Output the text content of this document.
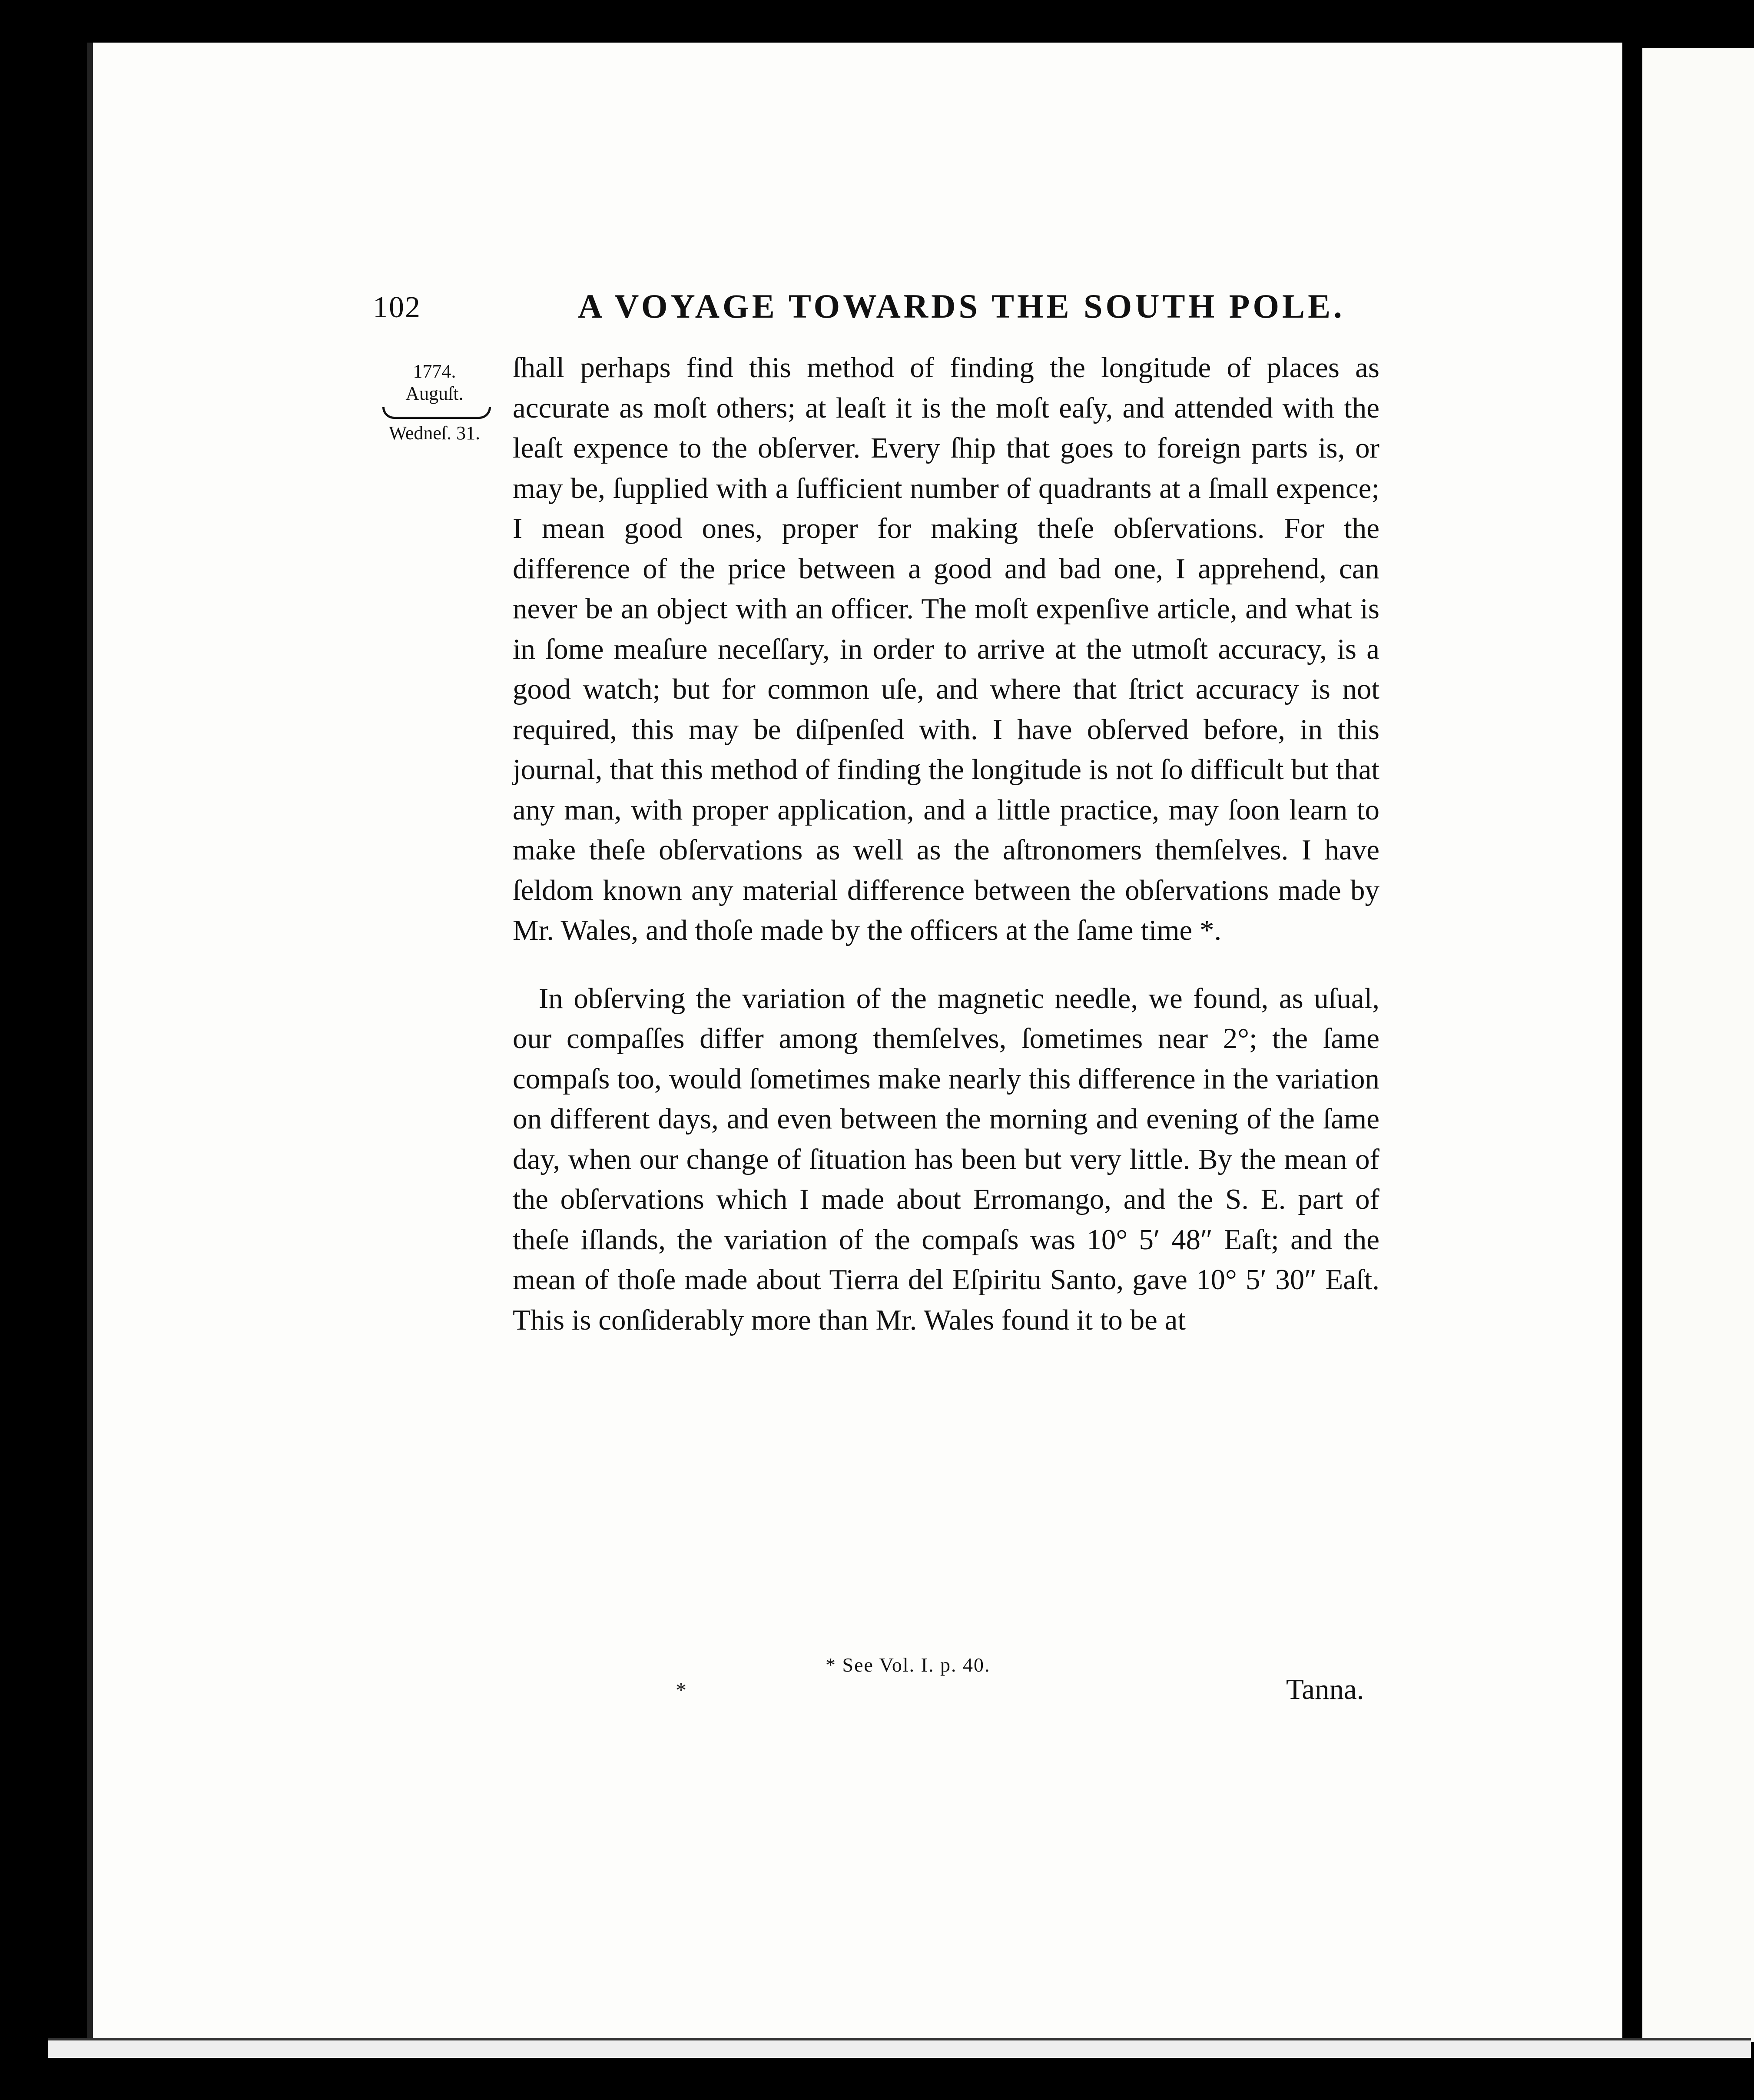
102	A VOYAGE TOWARDS THE SOUTH POLE.
1774.
Auguſt.
Wedneſ. 31.

ſhall perhaps find this method of finding the longitude of places as accurate as moſt others; at leaſt it is the moſt eaſy, and attended with the leaſt expence to the obſerver. Every ſhip that goes to foreign parts is, or may be, ſupplied with a ſufficient number of quadrants at a ſmall expence; I mean good ones, proper for making theſe obſervations. For the difference of the price between a good and bad one, I apprehend, can never be an object with an officer. The moſt expenſive article, and what is in ſome meaſure neceſſary, in order to arrive at the utmoſt accuracy, is a good watch; but for common uſe, and where that ſtrict accuracy is not required, this may be diſpenſed with. I have obſerved before, in this journal, that this method of finding the longitude is not ſo difficult but that any man, with proper application, and a little practice, may ſoon learn to make theſe obſervations as well as the aſtronomers themſelves. I have ſeldom known any material difference between the obſervations made by Mr. Wales, and thoſe made by the officers at the ſame time *.

In obſerving the variation of the magnetic needle, we found, as uſual, our compaſſes differ among themſelves, ſometimes near 2°; the ſame compaſs too, would ſometimes make nearly this difference in the variation on different days, and even between the morning and evening of the ſame day, when our change of ſituation has been but very little. By the mean of the obſervations which I made about Erromango, and the S. E. part of theſe iſlands, the variation of the compaſs was 10° 5′ 48″ Eaſt; and the mean of thoſe made about Tierra del Eſpiritu Santo, gave 10° 5′ 30″ Eaſt. This is conſiderably more than Mr. Wales found it to be at

* See Vol. I. p. 40.
*	Tanna.
